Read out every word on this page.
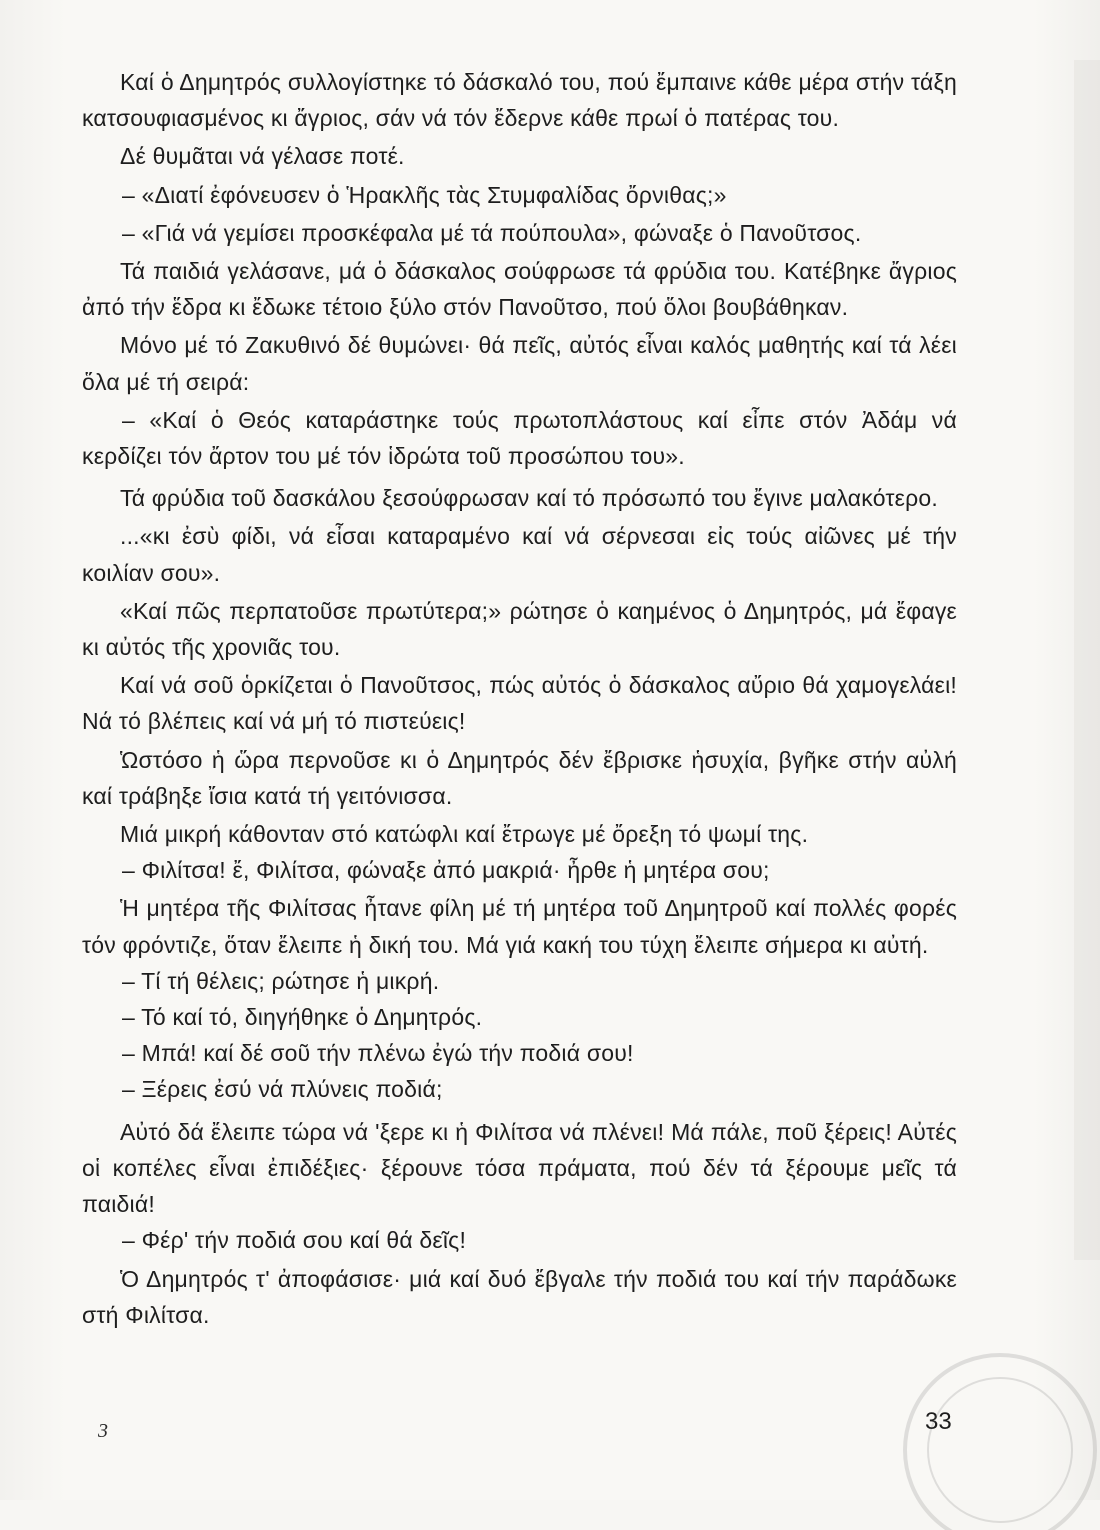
Καί ὁ Δημητρός συλλογίστηκε τό δάσκαλό του, πού ἔμπαινε κάθε μέρα στήν τάξη κατσουφιασμένος κι ἄγριος, σάν νά τόν ἔδερνε κάθε πρωί ὁ πατέρας του.

Δέ θυμᾶται νά γέλασε ποτέ.

– «Διατί ἐφόνευσεν ὁ Ἡρακλῆς τὰς Στυμφαλίδας ὄρνιθας;»

– «Γιά νά γεμίσει προσκέφαλα μέ τά πούπουλα», φώναξε ὁ Πανοῦτσος.

Τά παιδιά γελάσανε, μά ὁ δάσκαλος σούφρωσε τά φρύδια του. Κατέβηκε ἄγριος ἀπό τήν ἕδρα κι ἔδωκε τέτοιο ξύλο στόν Πανοῦτσο, πού ὅλοι βουβάθηκαν.

Μόνο μέ τό Ζακυθινό δέ θυμώνει· θά πεῖς, αὐτός εἶναι καλός μαθητής καί τά λέει ὅλα μέ τή σειρά:

– «Καί ὁ Θεός καταράστηκε τούς πρωτοπλάστους καί εἶπε στόν Ἀδάμ νά κερδίζει τόν ἄρτον του μέ τόν ἱδρώτα τοῦ προσώπου του».

Τά φρύδια τοῦ δασκάλου ξεσούφρωσαν καί τό πρόσωπό του ἔγινε μαλακότερο.

...«κι ἐσὺ φίδι, νά εἶσαι καταραμένο καί νά σέρνεσαι εἰς τούς αἰῶνες μέ τήν κοιλίαν σου».

«Καί πῶς περπατοῦσε πρωτύτερα;» ρώτησε ὁ καημένος ὁ Δημητρός, μά ἔφαγε κι αὐτός τῆς χρονιᾶς του.

Καί νά σοῦ ὁρκίζεται ὁ Πανοῦτσος, πώς αὐτός ὁ δάσκαλος αὔριο θά χαμογελάει! Νά τό βλέπεις καί νά μή τό πιστεύεις!

Ὡστόσο ἡ ὥρα περνοῦσε κι ὁ Δημητρός δέν ἔβρισκε ἡσυχία, βγῆκε στήν αὐλή καί τράβηξε ἴσια κατά τή γειτόνισσα.

Μιά μικρή κάθονταν στό κατώφλι καί ἔτρωγε μέ ὄρεξη τό ψωμί της.

– Φιλίτσα! ἔ, Φιλίτσα, φώναξε ἀπό μακριά· ἦρθε ἡ μητέρα σου;

Ἡ μητέρα τῆς Φιλίτσας ἦτανε φίλη μέ τή μητέρα τοῦ Δημητροῦ καί πολλές φορές τόν φρόντιζε, ὅταν ἔλειπε ἡ δική του. Μά γιά κακή του τύχη ἔλειπε σήμερα κι αὐτή.

– Τί τή θέλεις; ρώτησε ἡ μικρή.

– Τό καί τό, διηγήθηκε ὁ Δημητρός.

– Μπά! καί δέ σοῦ τήν πλένω ἐγώ τήν ποδιά σου!

– Ξέρεις ἐσύ νά πλύνεις ποδιά;

Αὐτό δά ἔλειπε τώρα νά 'ξερε κι ἡ Φιλίτσα νά πλένει! Μά πάλε, ποῦ ξέρεις! Αὐτές οἱ κοπέλες εἶναι ἐπιδέξιες· ξέρουνε τόσα πράματα, πού δέν τά ξέρουμε μεῖς τά παιδιά!

– Φέρ' τήν ποδιά σου καί θά δεῖς!

Ὁ Δημητρός τ' ἀποφάσισε· μιά καί δυό ἔβγαλε τήν ποδιά του καί τήν παράδωκε στή Φιλίτσα.

3	33
